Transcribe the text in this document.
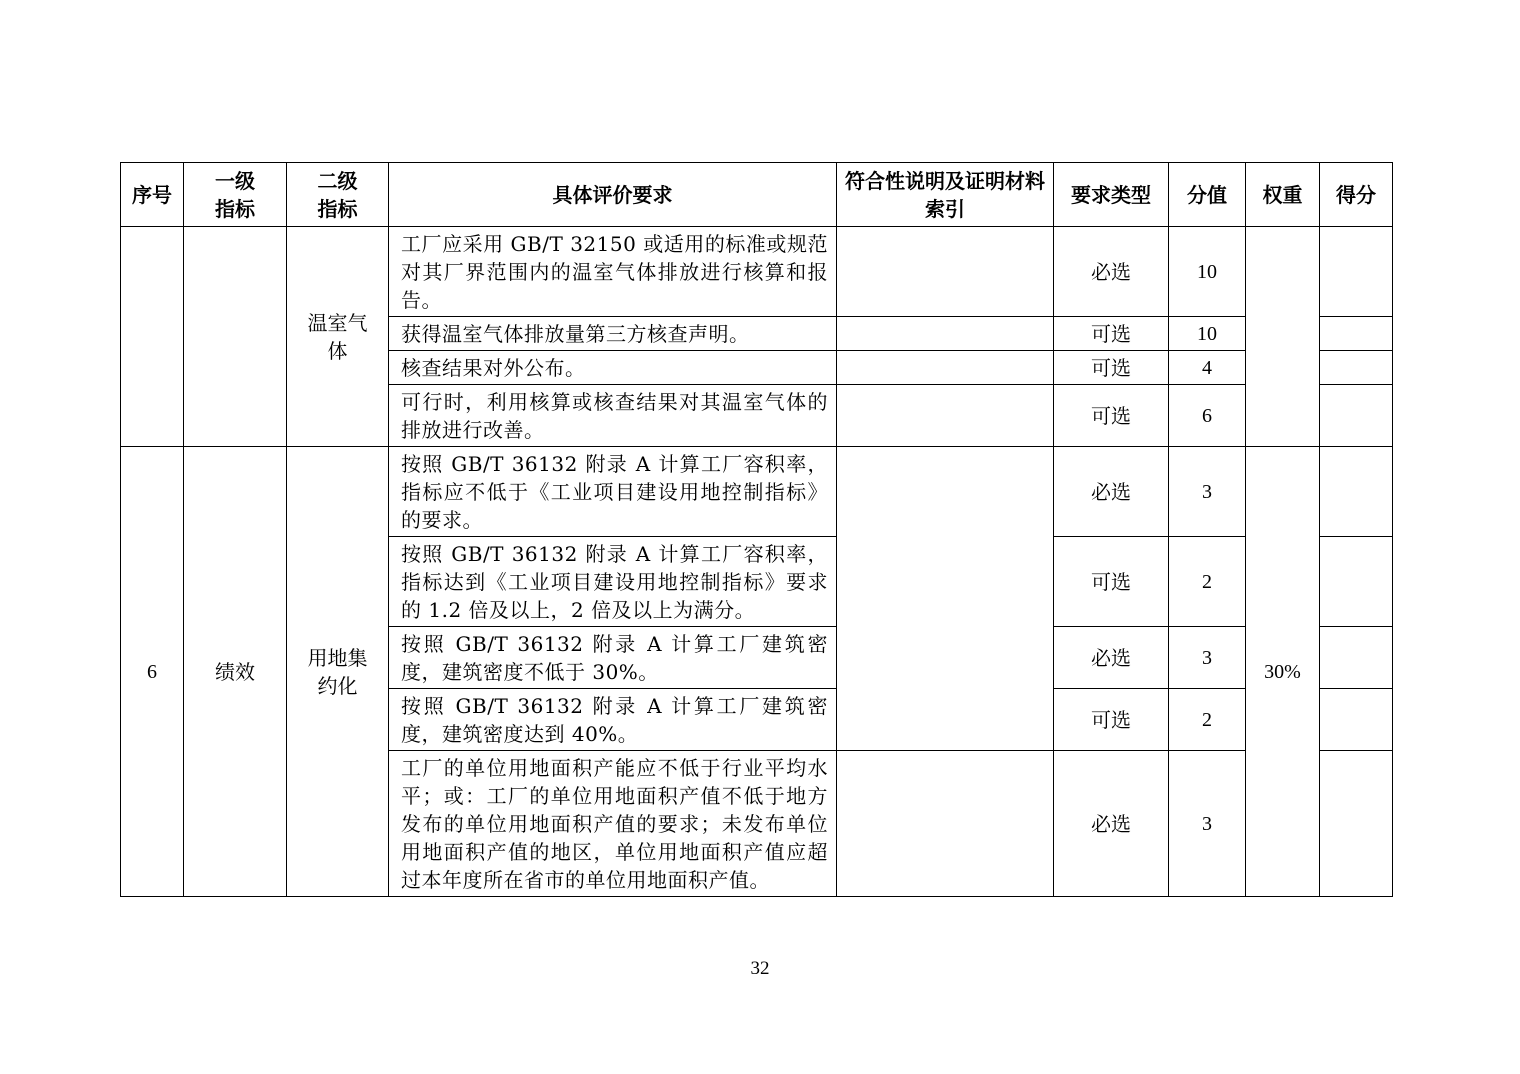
序号	一级指标	二级指标	具体评价要求	符合性说明及证明材料索引	要求类型	分值	权重	得分
		温室气体	工厂应采用 GB/T 32150 或适用的标准或规范对其厂界范围内的温室气体排放进行核算和报告。		必选	10		
			获得温室气体排放量第三方核查声明。		可选	10		
			核查结果对外公布。		可选	4		
			可行时，利用核算或核查结果对其温室气体的排放进行改善。		可选	6		
6	绩效	用地集约化	按照 GB/T 36132 附录 A 计算工厂容积率，指标应不低于《工业项目建设用地控制指标》的要求。		必选	3	30%	
			按照 GB/T 36132 附录 A 计算工厂容积率，指标达到《工业项目建设用地控制指标》要求的 1.2 倍及以上，2 倍及以上为满分。		可选	2		
			按照 GB/T 36132 附录 A 计算工厂建筑密度，建筑密度不低于 30%。		必选	3		
			按照 GB/T 36132 附录 A 计算工厂建筑密度，建筑密度达到 40%。		可选	2		
			工厂的单位用地面积产能应不低于行业平均水平；或：工厂的单位用地面积产值不低于地方发布的单位用地面积产值的要求；未发布单位用地面积产值的地区，单位用地面积产值应超过本年度所在省市的单位用地面积产值。		必选	3		
32
